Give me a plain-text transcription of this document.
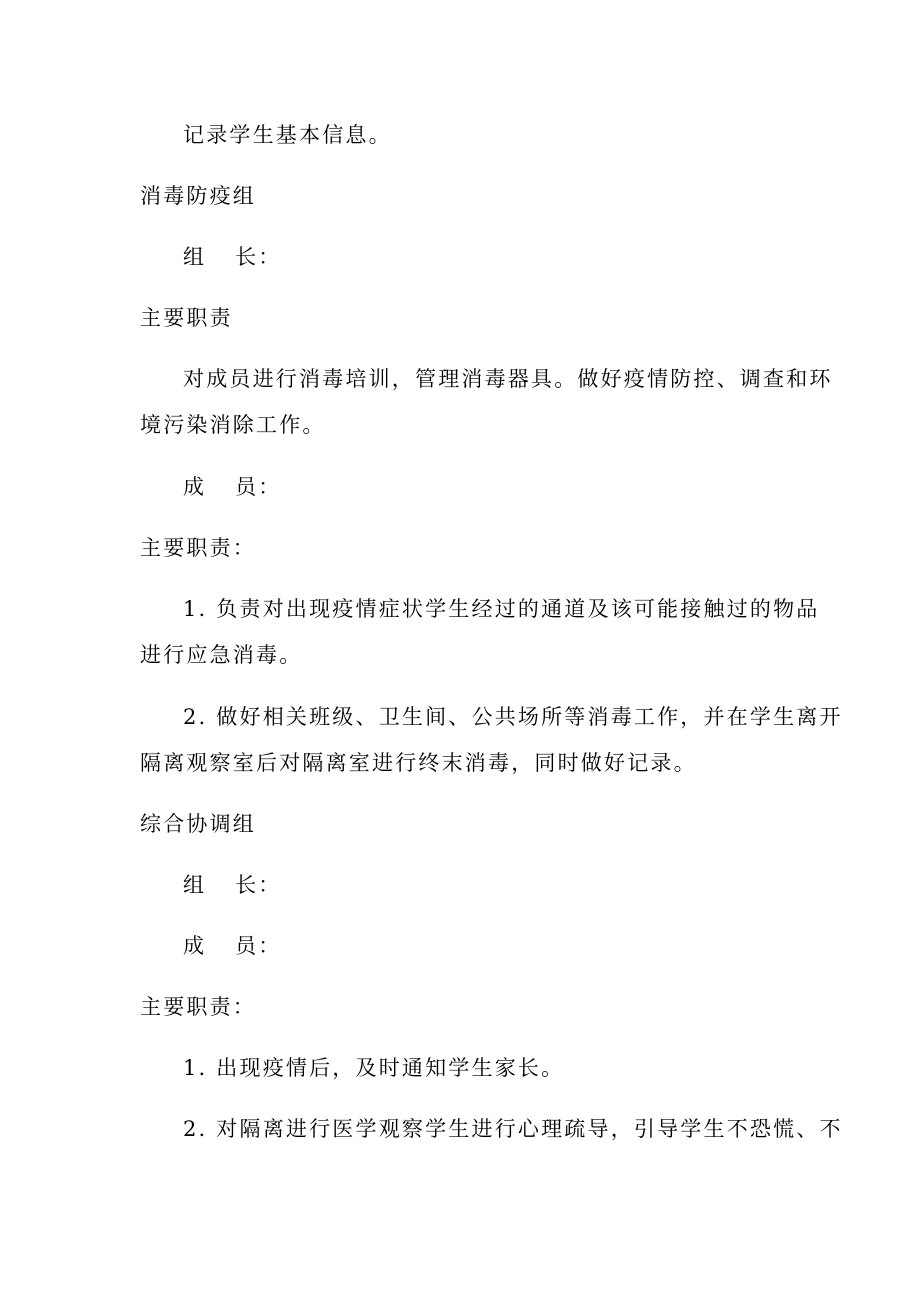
记录学生基本信息。

消毒防疫组

组 长：

主要职责

对成员进行消毒培训，管理消毒器具。做好疫情防控、调查和环

境污染消除工作。

成 员：

主要职责：

1. 负责对出现疫情症状学生经过的通道及该可能接触过的物品

进行应急消毒。

2. 做好相关班级、卫生间、公共场所等消毒工作，并在学生离开

隔离观察室后对隔离室进行终末消毒，同时做好记录。

综合协调组

组 长：

成 员：

主要职责：

1. 出现疫情后，及时通知学生家长。

2. 对隔离进行医学观察学生进行心理疏导，引导学生不恐慌、不
